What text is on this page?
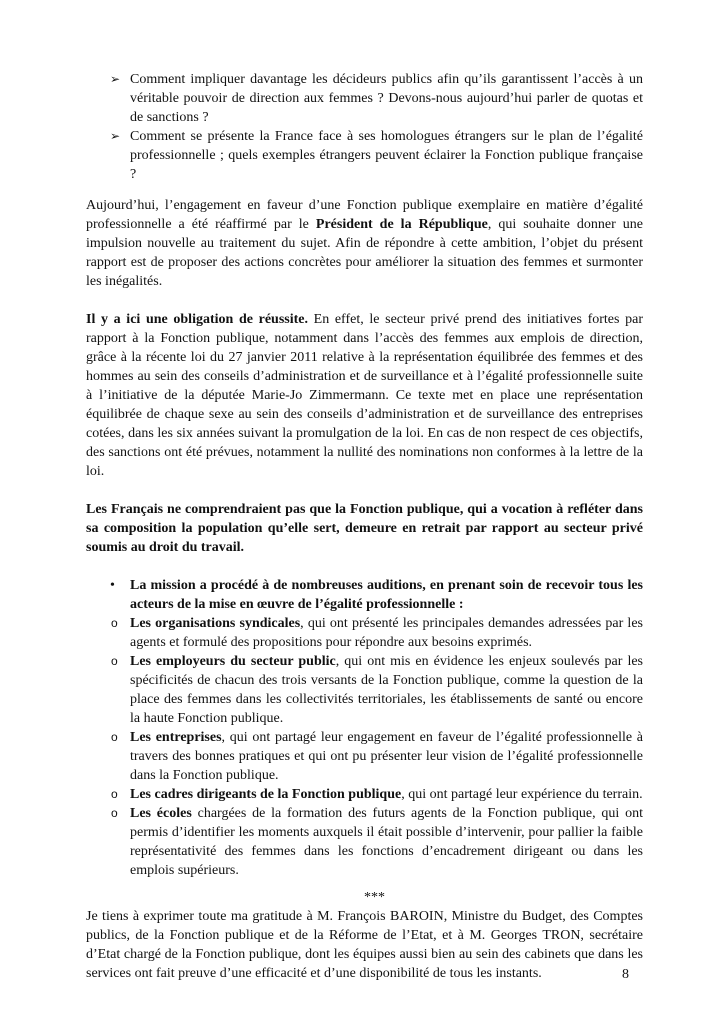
➢ Comment impliquer davantage les décideurs publics afin qu’ils garantissent l’accès à un véritable pouvoir de direction aux femmes ? Devons-nous aujourd’hui parler de quotas et de sanctions ?
➢ Comment se présente la France face à ses homologues étrangers sur le plan de l’égalité professionnelle ; quels exemples étrangers peuvent éclairer la Fonction publique française ?

Aujourd’hui, l’engagement en faveur d’une Fonction publique exemplaire en matière d’égalité professionnelle a été réaffirmé par le Président de la République, qui souhaite donner une impulsion nouvelle au traitement du sujet. Afin de répondre à cette ambition, l’objet du présent rapport est de proposer des actions concrètes pour améliorer la situation des femmes et surmonter les inégalités.

Il y a ici une obligation de réussite. En effet, le secteur privé prend des initiatives fortes par rapport à la Fonction publique, notamment dans l’accès des femmes aux emplois de direction, grâce à la récente loi du 27 janvier 2011 relative à la représentation équilibrée des femmes et des hommes au sein des conseils d’administration et de surveillance et à l’égalité professionnelle suite à l’initiative de la députée Marie-Jo Zimmermann. Ce texte met en place une représentation équilibrée de chaque sexe au sein des conseils d’administration et de surveillance des entreprises cotées, dans les six années suivant la promulgation de la loi. En cas de non respect de ces objectifs, des sanctions ont été prévues, notamment la nullité des nominations non conformes à la lettre de la loi.

Les Français ne comprendraient pas que la Fonction publique, qui a vocation à refléter dans sa composition la population qu’elle sert, demeure en retrait par rapport au secteur privé soumis au droit du travail.

• La mission a procédé à de nombreuses auditions, en prenant soin de recevoir tous les acteurs de la mise en œuvre de l’égalité professionnelle :
o Les organisations syndicales, qui ont présenté les principales demandes adressées par les agents et formulé des propositions pour répondre aux besoins exprimés.
o Les employeurs du secteur public, qui ont mis en évidence les enjeux soulevés par les spécificités de chacun des trois versants de la Fonction publique, comme la question de la place des femmes dans les collectivités territoriales, les établissements de santé ou encore la haute Fonction publique.
o Les entreprises, qui ont partagé leur engagement en faveur de l’égalité professionnelle à travers des bonnes pratiques et qui ont pu présenter leur vision de l’égalité professionnelle dans la Fonction publique.
o Les cadres dirigeants de la Fonction publique, qui ont partagé leur expérience du terrain.
o Les écoles chargées de la formation des futurs agents de la Fonction publique, qui ont permis d’identifier les moments auxquels il était possible d’intervenir, pour pallier la faible représentativité des femmes dans les fonctions d’encadrement dirigeant ou dans les emplois supérieurs.

***

Je tiens à exprimer toute ma gratitude à M. François BAROIN, Ministre du Budget, des Comptes publics, de la Fonction publique et de la Réforme de l’Etat, et à M. Georges TRON, secrétaire d’Etat chargé de la Fonction publique, dont les équipes aussi bien au sein des cabinets que dans les services ont fait preuve d’une efficacité et d’une disponibilité de tous les instants.	8
